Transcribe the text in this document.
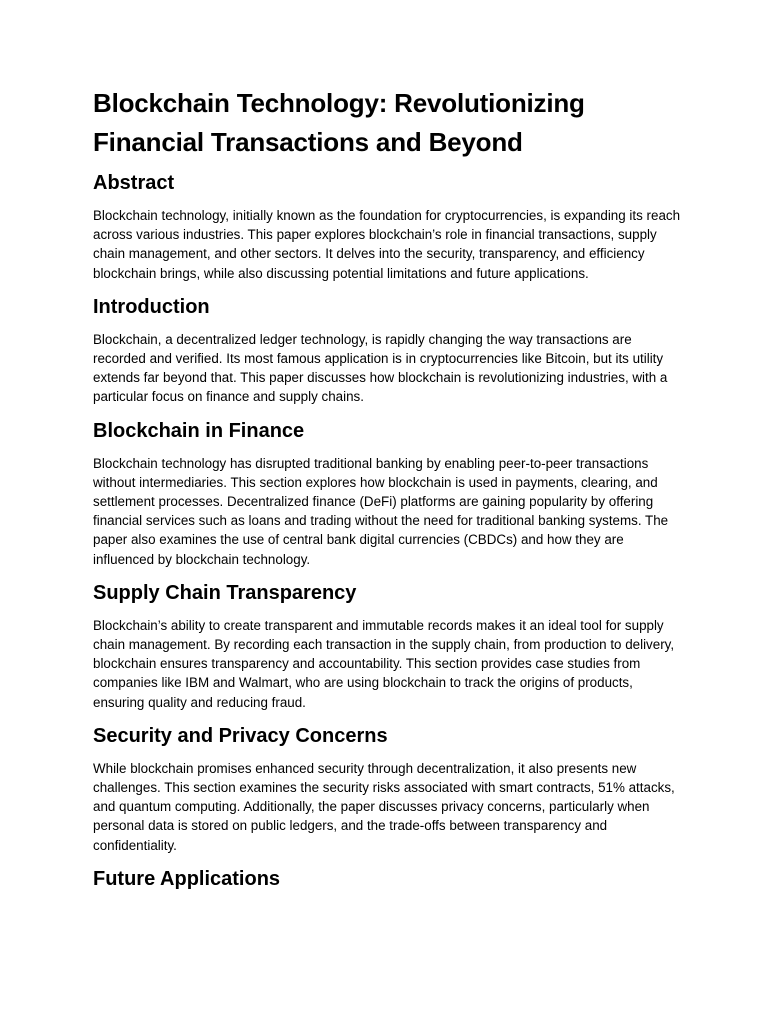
Blockchain Technology: Revolutionizing Financial Transactions and Beyond
Abstract

Blockchain technology, initially known as the foundation for cryptocurrencies, is expanding its reach across various industries. This paper explores blockchain’s role in financial transactions, supply chain management, and other sectors. It delves into the security, transparency, and efficiency blockchain brings, while also discussing potential limitations and future applications.

Introduction

Blockchain, a decentralized ledger technology, is rapidly changing the way transactions are recorded and verified. Its most famous application is in cryptocurrencies like Bitcoin, but its utility extends far beyond that. This paper discusses how blockchain is revolutionizing industries, with a particular focus on finance and supply chains.

Blockchain in Finance

Blockchain technology has disrupted traditional banking by enabling peer-to-peer transactions without intermediaries. This section explores how blockchain is used in payments, clearing, and settlement processes. Decentralized finance (DeFi) platforms are gaining popularity by offering financial services such as loans and trading without the need for traditional banking systems. The paper also examines the use of central bank digital currencies (CBDCs) and how they are influenced by blockchain technology.

Supply Chain Transparency

Blockchain’s ability to create transparent and immutable records makes it an ideal tool for supply chain management. By recording each transaction in the supply chain, from production to delivery, blockchain ensures transparency and accountability. This section provides case studies from companies like IBM and Walmart, who are using blockchain to track the origins of products, ensuring quality and reducing fraud.

Security and Privacy Concerns

While blockchain promises enhanced security through decentralization, it also presents new challenges. This section examines the security risks associated with smart contracts, 51% attacks, and quantum computing. Additionally, the paper discusses privacy concerns, particularly when personal data is stored on public ledgers, and the trade-offs between transparency and confidentiality.

Future Applications
